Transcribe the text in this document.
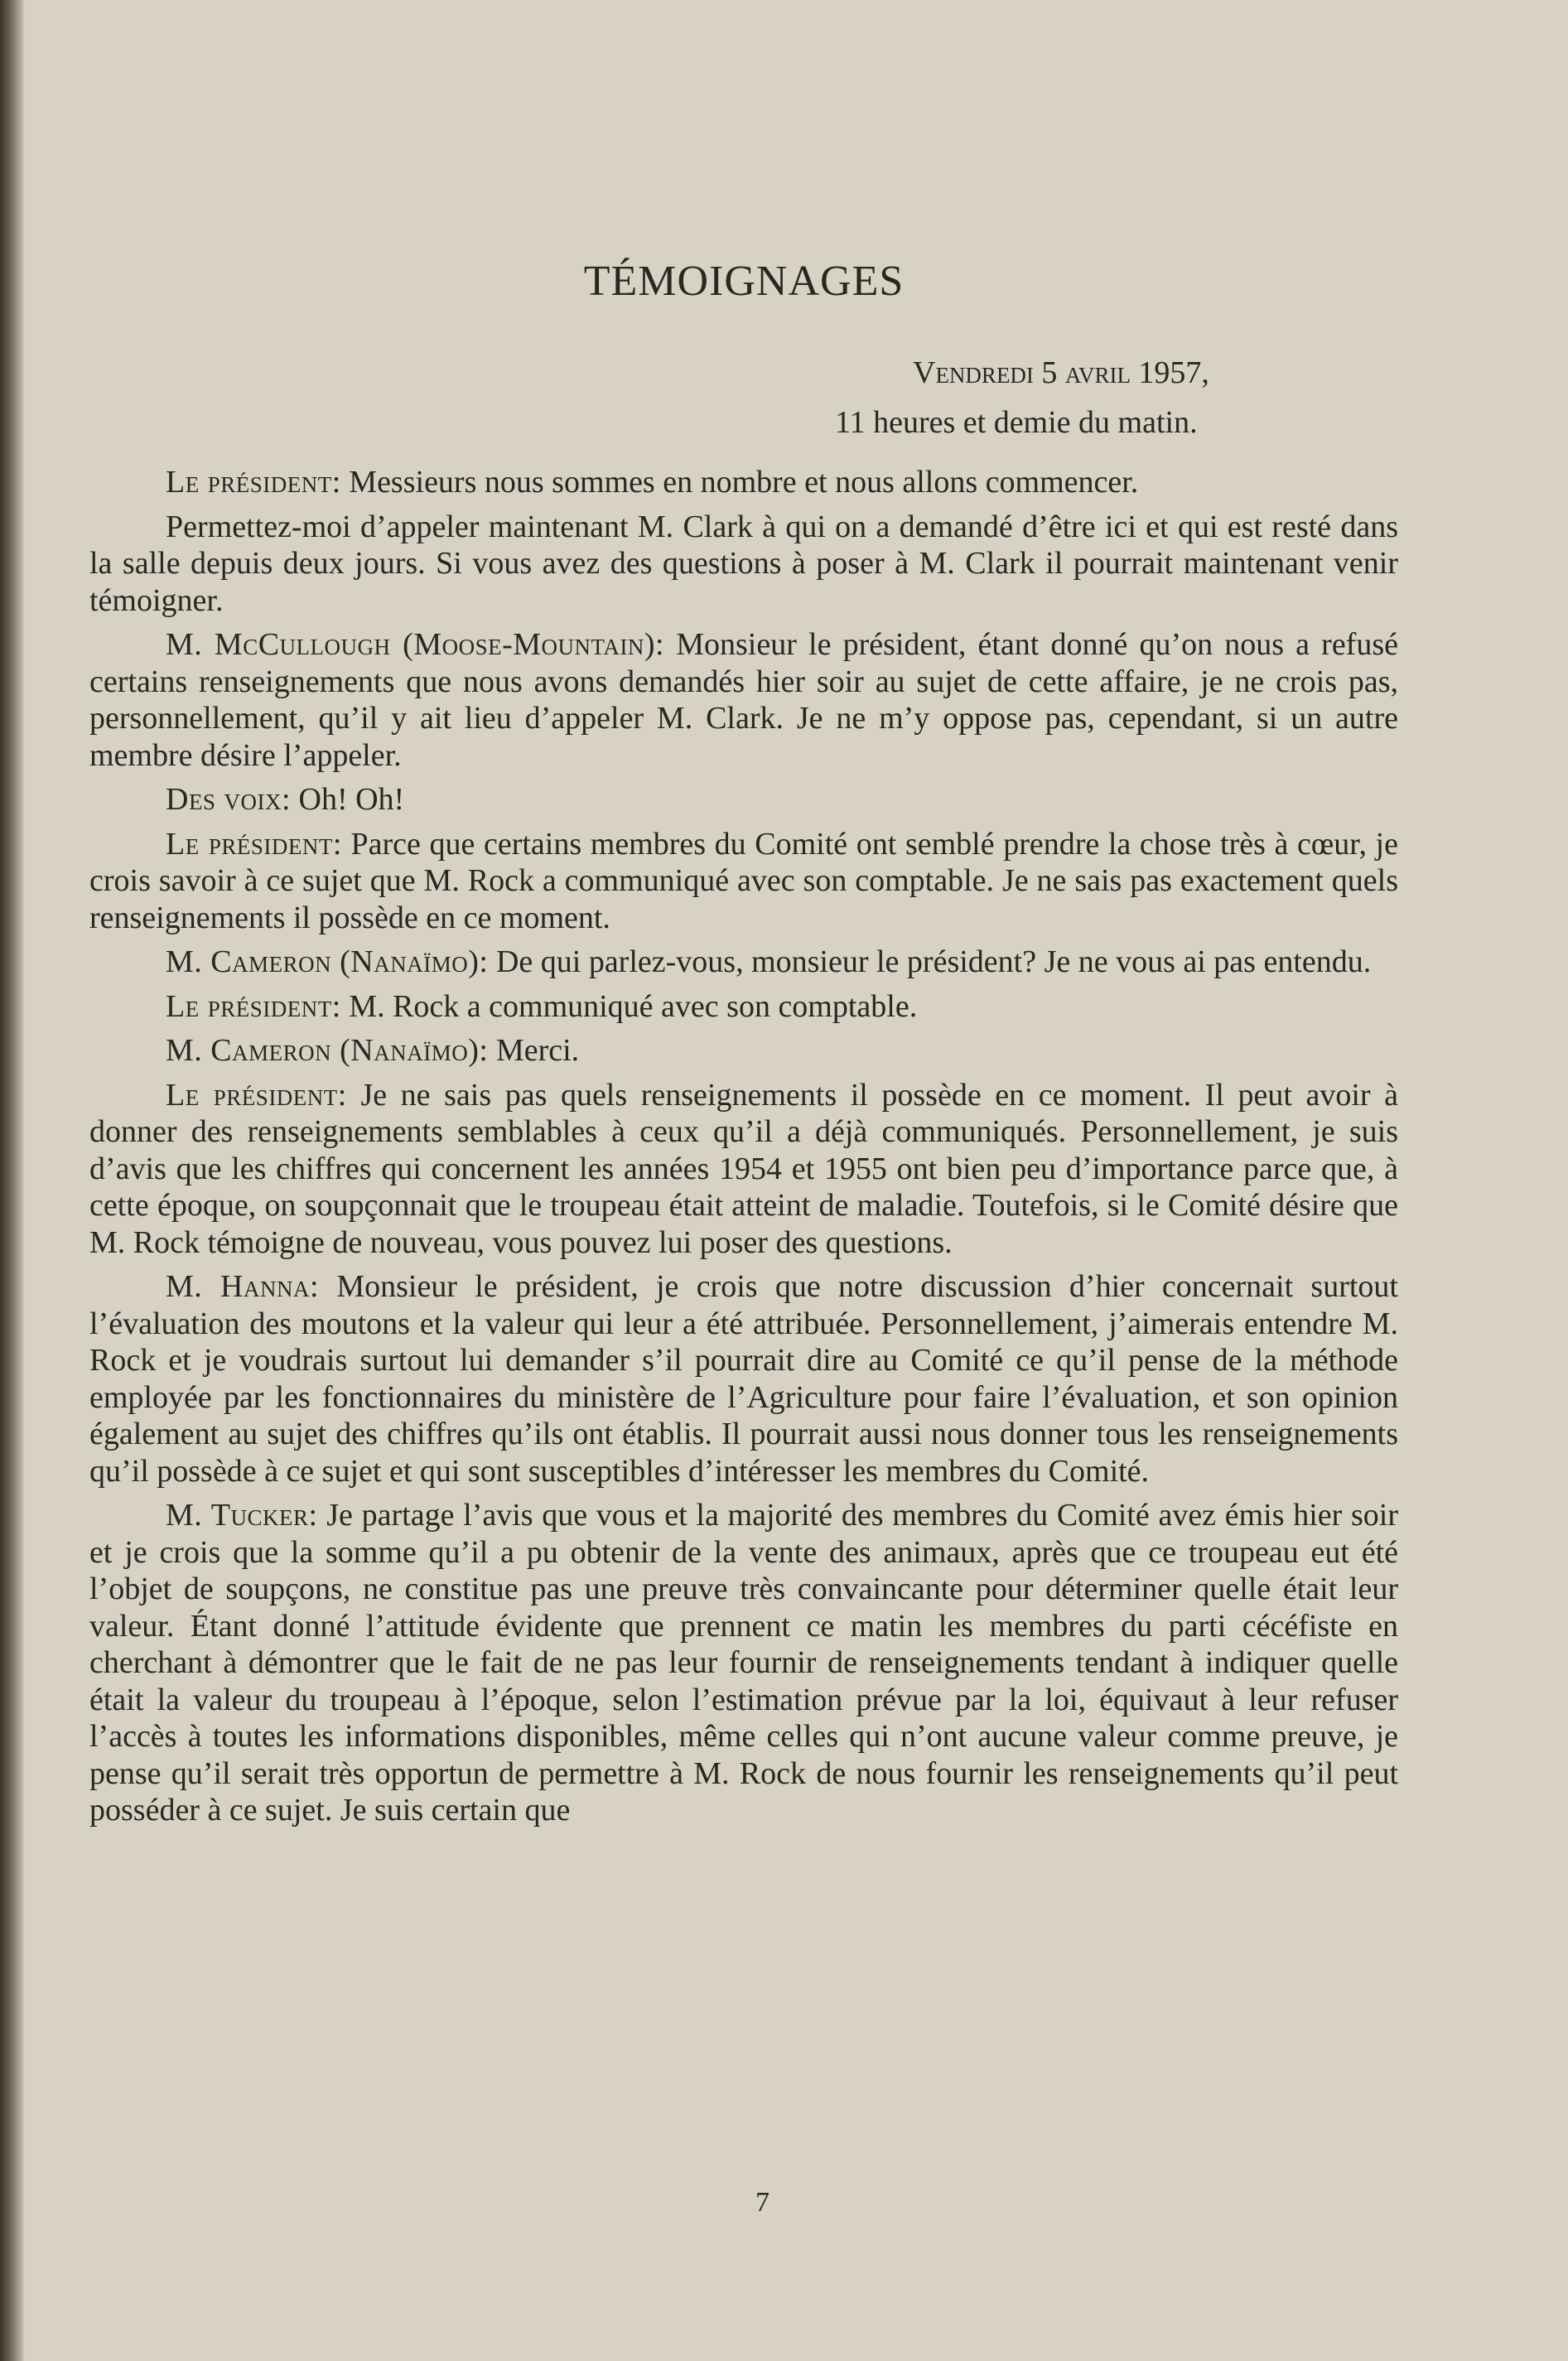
TÉMOIGNAGES
Vendredi 5 avril 1957,
11 heures et demie du matin.

Le président: Messieurs nous sommes en nombre et nous allons commencer.

Permettez-moi d’appeler maintenant M. Clark à qui on a demandé d’être ici et qui est resté dans la salle depuis deux jours. Si vous avez des questions à poser à M. Clark il pourrait maintenant venir témoigner.

M. McCullough (Moose-Mountain): Monsieur le président, étant donné qu’on nous a refusé certains renseignements que nous avons demandés hier soir au sujet de cette affaire, je ne crois pas, personnellement, qu’il y ait lieu d’appeler M. Clark. Je ne m’y oppose pas, cependant, si un autre membre désire l’appeler.

Des voix: Oh! Oh!

Le président: Parce que certains membres du Comité ont semblé prendre la chose très à cœur, je crois savoir à ce sujet que M. Rock a communiqué avec son comptable. Je ne sais pas exactement quels renseignements il possède en ce moment.

M. Cameron (Nanaïmo): De qui parlez-vous, monsieur le président? Je ne vous ai pas entendu.

Le président: M. Rock a communiqué avec son comptable.

M. Cameron (Nanaïmo): Merci.

Le président: Je ne sais pas quels renseignements il possède en ce moment. Il peut avoir à donner des renseignements semblables à ceux qu’il a déjà communiqués. Personnellement, je suis d’avis que les chiffres qui concernent les années 1954 et 1955 ont bien peu d’importance parce que, à cette époque, on soupçonnait que le troupeau était atteint de maladie. Toutefois, si le Comité désire que M. Rock témoigne de nouveau, vous pouvez lui poser des questions.

M. Hanna: Monsieur le président, je crois que notre discussion d’hier concernait surtout l’évaluation des moutons et la valeur qui leur a été attribuée. Personnellement, j’aimerais entendre M. Rock et je voudrais surtout lui demander s’il pourrait dire au Comité ce qu’il pense de la méthode employée par les fonctionnaires du ministère de l’Agriculture pour faire l’évaluation, et son opinion également au sujet des chiffres qu’ils ont établis. Il pourrait aussi nous donner tous les renseignements qu’il possède à ce sujet et qui sont susceptibles d’intéresser les membres du Comité.

M. Tucker: Je partage l’avis que vous et la majorité des membres du Comité avez émis hier soir et je crois que la somme qu’il a pu obtenir de la vente des animaux, après que ce troupeau eut été l’objet de soupçons, ne constitue pas une preuve très convaincante pour déterminer quelle était leur valeur. Étant donné l’attitude évidente que prennent ce matin les membres du parti cécéfiste en cherchant à démontrer que le fait de ne pas leur fournir de renseignements tendant à indiquer quelle était la valeur du troupeau à l’époque, selon l’estimation prévue par la loi, équivaut à leur refuser l’accès à toutes les informations disponibles, même celles qui n’ont aucune valeur comme preuve, je pense qu’il serait très opportun de permettre à M. Rock de nous fournir les renseignements qu’il peut posséder à ce sujet. Je suis certain que

7
